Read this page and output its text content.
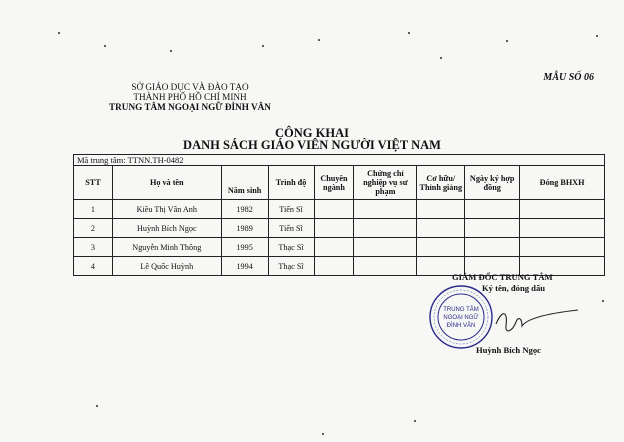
SỞ GIÁO DỤC VÀ ĐÀO TẠO
THÀNH PHỐ HỒ CHÍ MINH
TRUNG TÂM NGOẠI NGỮ ĐÌNH VÂN
MẪU SỐ 06
CÔNG KHAI
DANH SÁCH GIÁO VIÊN NGƯỜI VIỆT NAM
Mã trung tâm: TTNN.TH-0482								
STT	Họ và tên	Năm sinh	Trình độ	Chuyên ngành	Chứng chỉ nghiệp vụ sư phạm	Cơ hữu/ Thỉnh giảng	Ngày ký hợp đồng	Đóng BHXH
1	Kiều Thị Vân Anh	1982	Tiến Sĩ					
2	Huỳnh Bích Ngọc	1989	Tiến Sĩ					
3	Nguyễn Minh Thông	1995	Thạc Sĩ					
4	Lê Quốc Huỳnh	1994	Thạc Sĩ					
GIÁM ĐỐC TRUNG TÂM
Ký tên, đóng dấu
TRUNG TÂM
NGOẠI NGỮ
ĐÌNH VÂN
Huỳnh Bích Ngọc
